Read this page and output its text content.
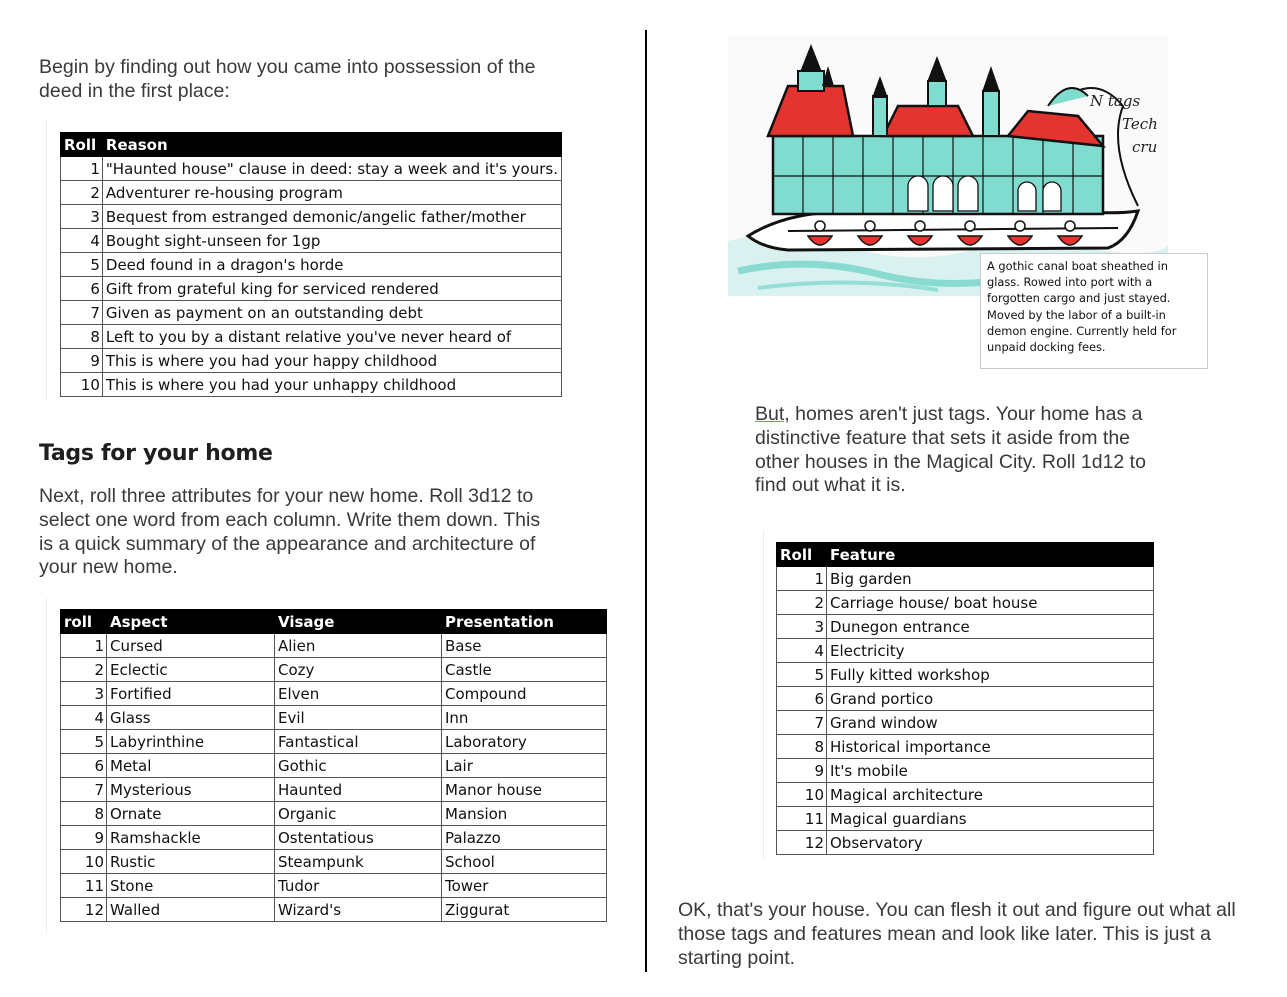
Begin by finding out how you came into possession of the deed in the first place:

Roll	Reason
1	"Haunted house" clause in deed: stay a week and it's yours.
2	Adventurer re-housing program
3	Bequest from estranged demonic/angelic father/mother
4	Bought sight-unseen for 1gp
5	Deed found in a dragon's horde
6	Gift from grateful king for serviced rendered
7	Given as payment on an outstanding debt
8	Left to you by a distant relative you've never heard of
9	This is where you had your happy childhood
10	This is where you had your unhappy childhood
Tags for your home

Next, roll three attributes for your new home. Roll 3d12 to select one word from each column. Write them down. This is a quick summary of the appearance and architecture of your new home.

roll	Aspect	Visage	Presentation
1	Cursed	Alien	Base
2	Eclectic	Cozy	Castle
3	Fortified	Elven	Compound
4	Glass	Evil	Inn
5	Labyrinthine	Fantastical	Laboratory
6	Metal	Gothic	Lair
7	Mysterious	Haunted	Manor house
8	Ornate	Organic	Mansion
9	Ramshackle	Ostentatious	Palazzo
10	Rustic	Steampunk	School
11	Stone	Tudor	Tower
12	Walled	Wizard's	Ziggurat
N tags
Tech
cru
A gothic canal boat sheathed in glass. Rowed into port with a forgotten cargo and just stayed. Moved by the labor of a built-in demon engine. Currently held for unpaid docking fees.

But, homes aren't just tags. Your home has a distinctive feature that sets it aside from the other houses in the Magical City. Roll 1d12 to find out what it is.

Roll	Feature
1	Big garden
2	Carriage house/ boat house
3	Dunegon entrance
4	Electricity
5	Fully kitted workshop
6	Grand portico
7	Grand window
8	Historical importance
9	It's mobile
10	Magical architecture
11	Magical guardians
12	Observatory

OK, that's your house. You can flesh it out and figure out what all those tags and features mean and look like later. This is just a starting point.
